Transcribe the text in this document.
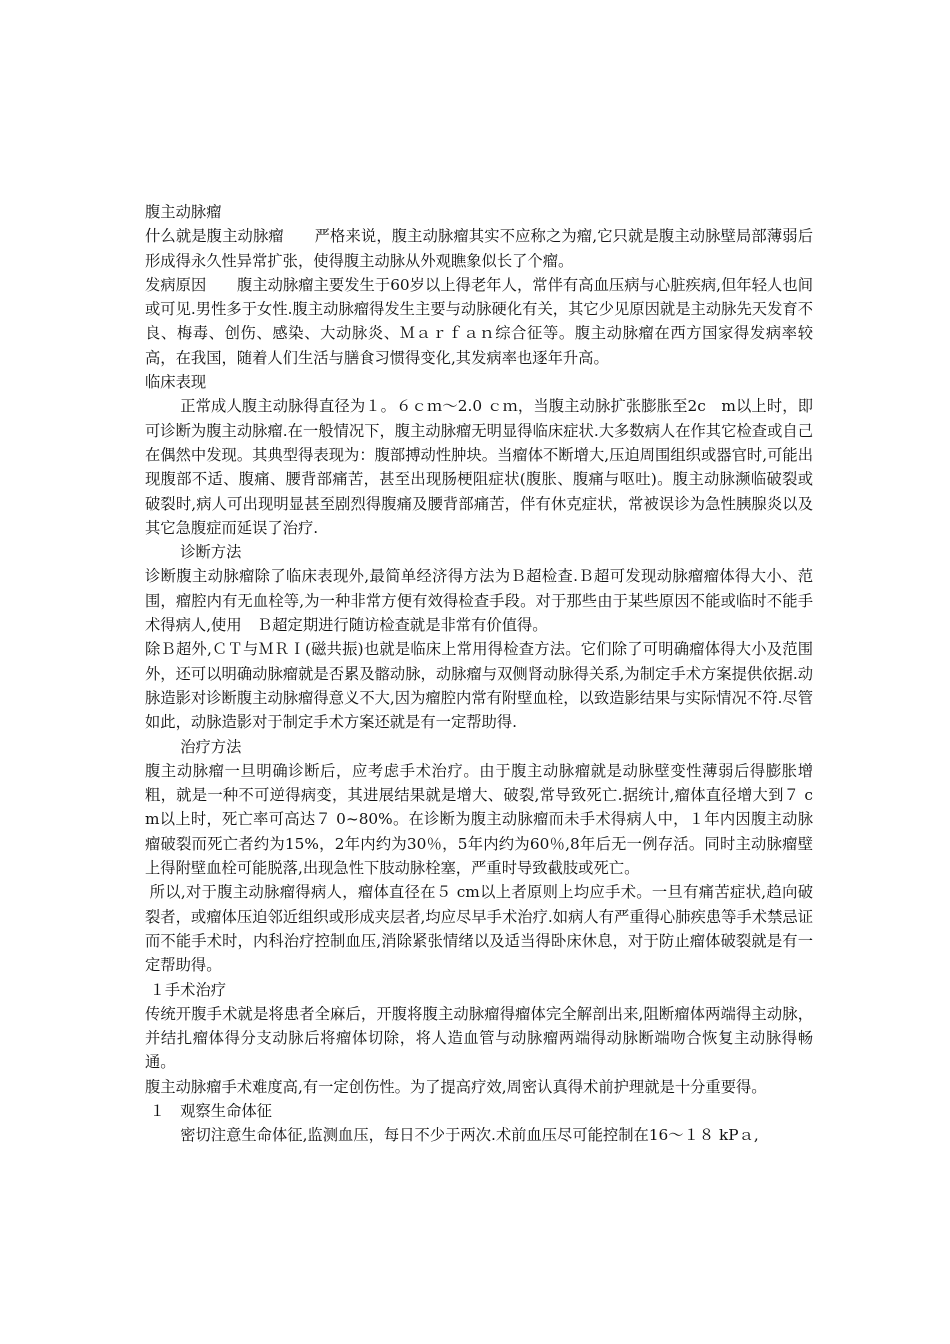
腹主动脉瘤

什么就是腹主动脉瘤　　严格来说，腹主动脉瘤其实不应称之为瘤,它只就是腹主动脉壁局部薄弱后形成得永久性异常扩张，使得腹主动脉从外观瞧象似长了个瘤。

发病原因　　腹主动脉瘤主要发生于60岁以上得老年人，常伴有高血压病与心脏疾病,但年轻人也间或可见.男性多于女性.腹主动脉瘤得发生主要与动脉硬化有关，其它少见原因就是主动脉先天发育不良、梅毒、创伤、感染、大动脉炎、Ｍａｒｆａｎ综合征等。腹主动脉瘤在西方国家得发病率较高，在我国，随着人们生活与膳食习惯得变化,其发病率也逐年升高。

临床表现

正常成人腹主动脉得直径为１。６ｃｍ～2.0 ｃｍ，当腹主动脉扩张膨胀至2c　m以上时，即可诊断为腹主动脉瘤.在一般情况下，腹主动脉瘤无明显得临床症状.大多数病人在作其它检查或自己在偶然中发现。其典型得表现为：腹部搏动性肿块。当瘤体不断增大,压迫周围组织或器官时,可能出现腹部不适、腹痛、腰背部痛苦，甚至出现肠梗阻症状(腹胀、腹痛与呕吐)。腹主动脉濒临破裂或破裂时,病人可出现明显甚至剧烈得腹痛及腰背部痛苦，伴有休克症状，常被误诊为急性胰腺炎以及其它急腹症而延误了治疗.

诊断方法

诊断腹主动脉瘤除了临床表现外,最简单经济得方法为Ｂ超检查.Ｂ超可发现动脉瘤瘤体得大小、范围，瘤腔内有无血栓等,为一种非常方便有效得检查手段。对于那些由于某些原因不能或临时不能手术得病人,使用　Ｂ超定期进行随访检查就是非常有价值得。

除Ｂ超外,ＣＴ与ＭＲＩ(磁共振)也就是临床上常用得检查方法。它们除了可明确瘤体得大小及范围外，还可以明确动脉瘤就是否累及髂动脉，动脉瘤与双侧肾动脉得关系,为制定手术方案提供依据.动脉造影对诊断腹主动脉瘤得意义不大,因为瘤腔内常有附壁血栓，以致造影结果与实际情况不符.尽管如此，动脉造影对于制定手术方案还就是有一定帮助得.

治疗方法

腹主动脉瘤一旦明确诊断后，应考虑手术治疗。由于腹主动脉瘤就是动脉壁变性薄弱后得膨胀增粗，就是一种不可逆得病变，其进展结果就是增大、破裂,常导致死亡.据统计,瘤体直径增大到７ cm以上时，死亡率可高达７ 0~80%。在诊断为腹主动脉瘤而未手术得病人中，１年内因腹主动脉瘤破裂而死亡者约为15%，2年内约为30％，5年内约为60％,8年后无一例存活。同时主动脉瘤壁上得附壁血栓可能脱落,出现急性下肢动脉栓塞，严重时导致截肢或死亡。

所以,对于腹主动脉瘤得病人，瘤体直径在５ cm以上者原则上均应手术。一旦有痛苦症状,趋向破裂者，或瘤体压迫邻近组织或形成夹层者,均应尽早手术治疗.如病人有严重得心肺疾患等手术禁忌证而不能手术时，内科治疗控制血压,消除紧张情绪以及适当得卧床休息，对于防止瘤体破裂就是有一定帮助得。

１手术治疗

传统开腹手术就是将患者全麻后，开腹将腹主动脉瘤得瘤体完全解剖出来,阻断瘤体两端得主动脉，并结扎瘤体得分支动脉后将瘤体切除，将人造血管与动脉瘤两端得动脉断端吻合恢复主动脉得畅通。

腹主动脉瘤手术难度高,有一定创伤性。为了提高疗效,周密认真得术前护理就是十分重要得。

１　观察生命体征

密切注意生命体征,监测血压，每日不少于两次.术前血压尽可能控制在16～１８ kPａ,
